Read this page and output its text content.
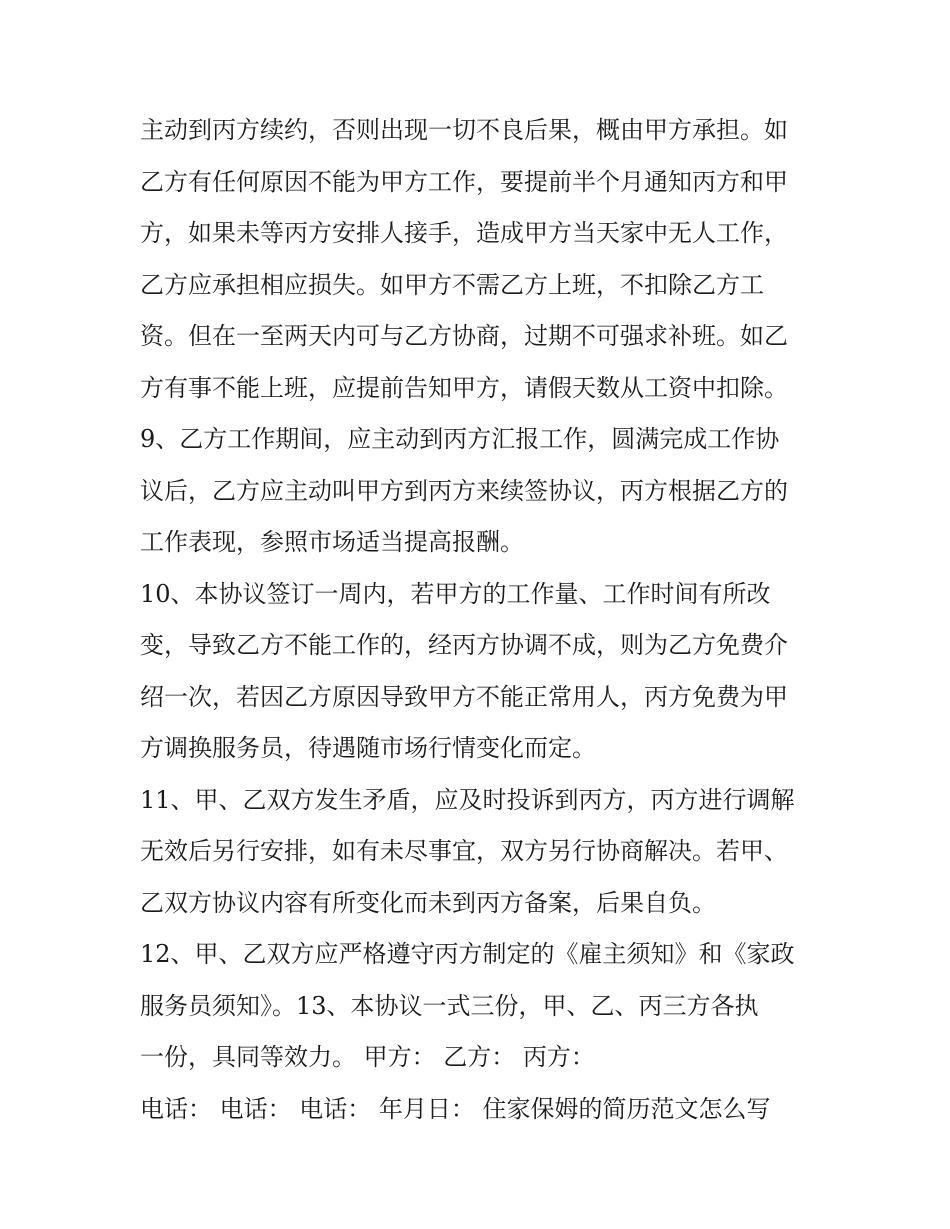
主动到丙方续约，否则出现一切不良后果，概由甲方承担。如
乙方有任何原因不能为甲方工作，要提前半个月通知丙方和甲
方，如果未等丙方安排人接手，造成甲方当天家中无人工作，
乙方应承担相应损失。如甲方不需乙方上班，不扣除乙方工
资。但在一至两天内可与乙方协商，过期不可强求补班。如乙
方有事不能上班，应提前告知甲方，请假天数从工资中扣除。
9、乙方工作期间，应主动到丙方汇报工作，圆满完成工作协
议后，乙方应主动叫甲方到丙方来续签协议，丙方根据乙方的
工作表现，参照市场适当提高报酬。
10、本协议签订一周内，若甲方的工作量、工作时间有所改
变，导致乙方不能工作的，经丙方协调不成，则为乙方免费介
绍一次，若因乙方原因导致甲方不能正常用人，丙方免费为甲
方调换服务员，待遇随市场行情变化而定。
11、甲、乙双方发生矛盾，应及时投诉到丙方，丙方进行调解
无效后另行安排，如有未尽事宜，双方另行协商解决。若甲、
乙双方协议内容有所变化而未到丙方备案，后果自负。
12、甲、乙双方应严格遵守丙方制定的《雇主须知》和《家政
服务员须知》。13、本协议一式三份，甲、乙、丙三方各执
一份，具同等效力。 甲方： 乙方： 丙方：
电话： 电话： 电话： 年月日： 住家保姆的简历范文怎么写
